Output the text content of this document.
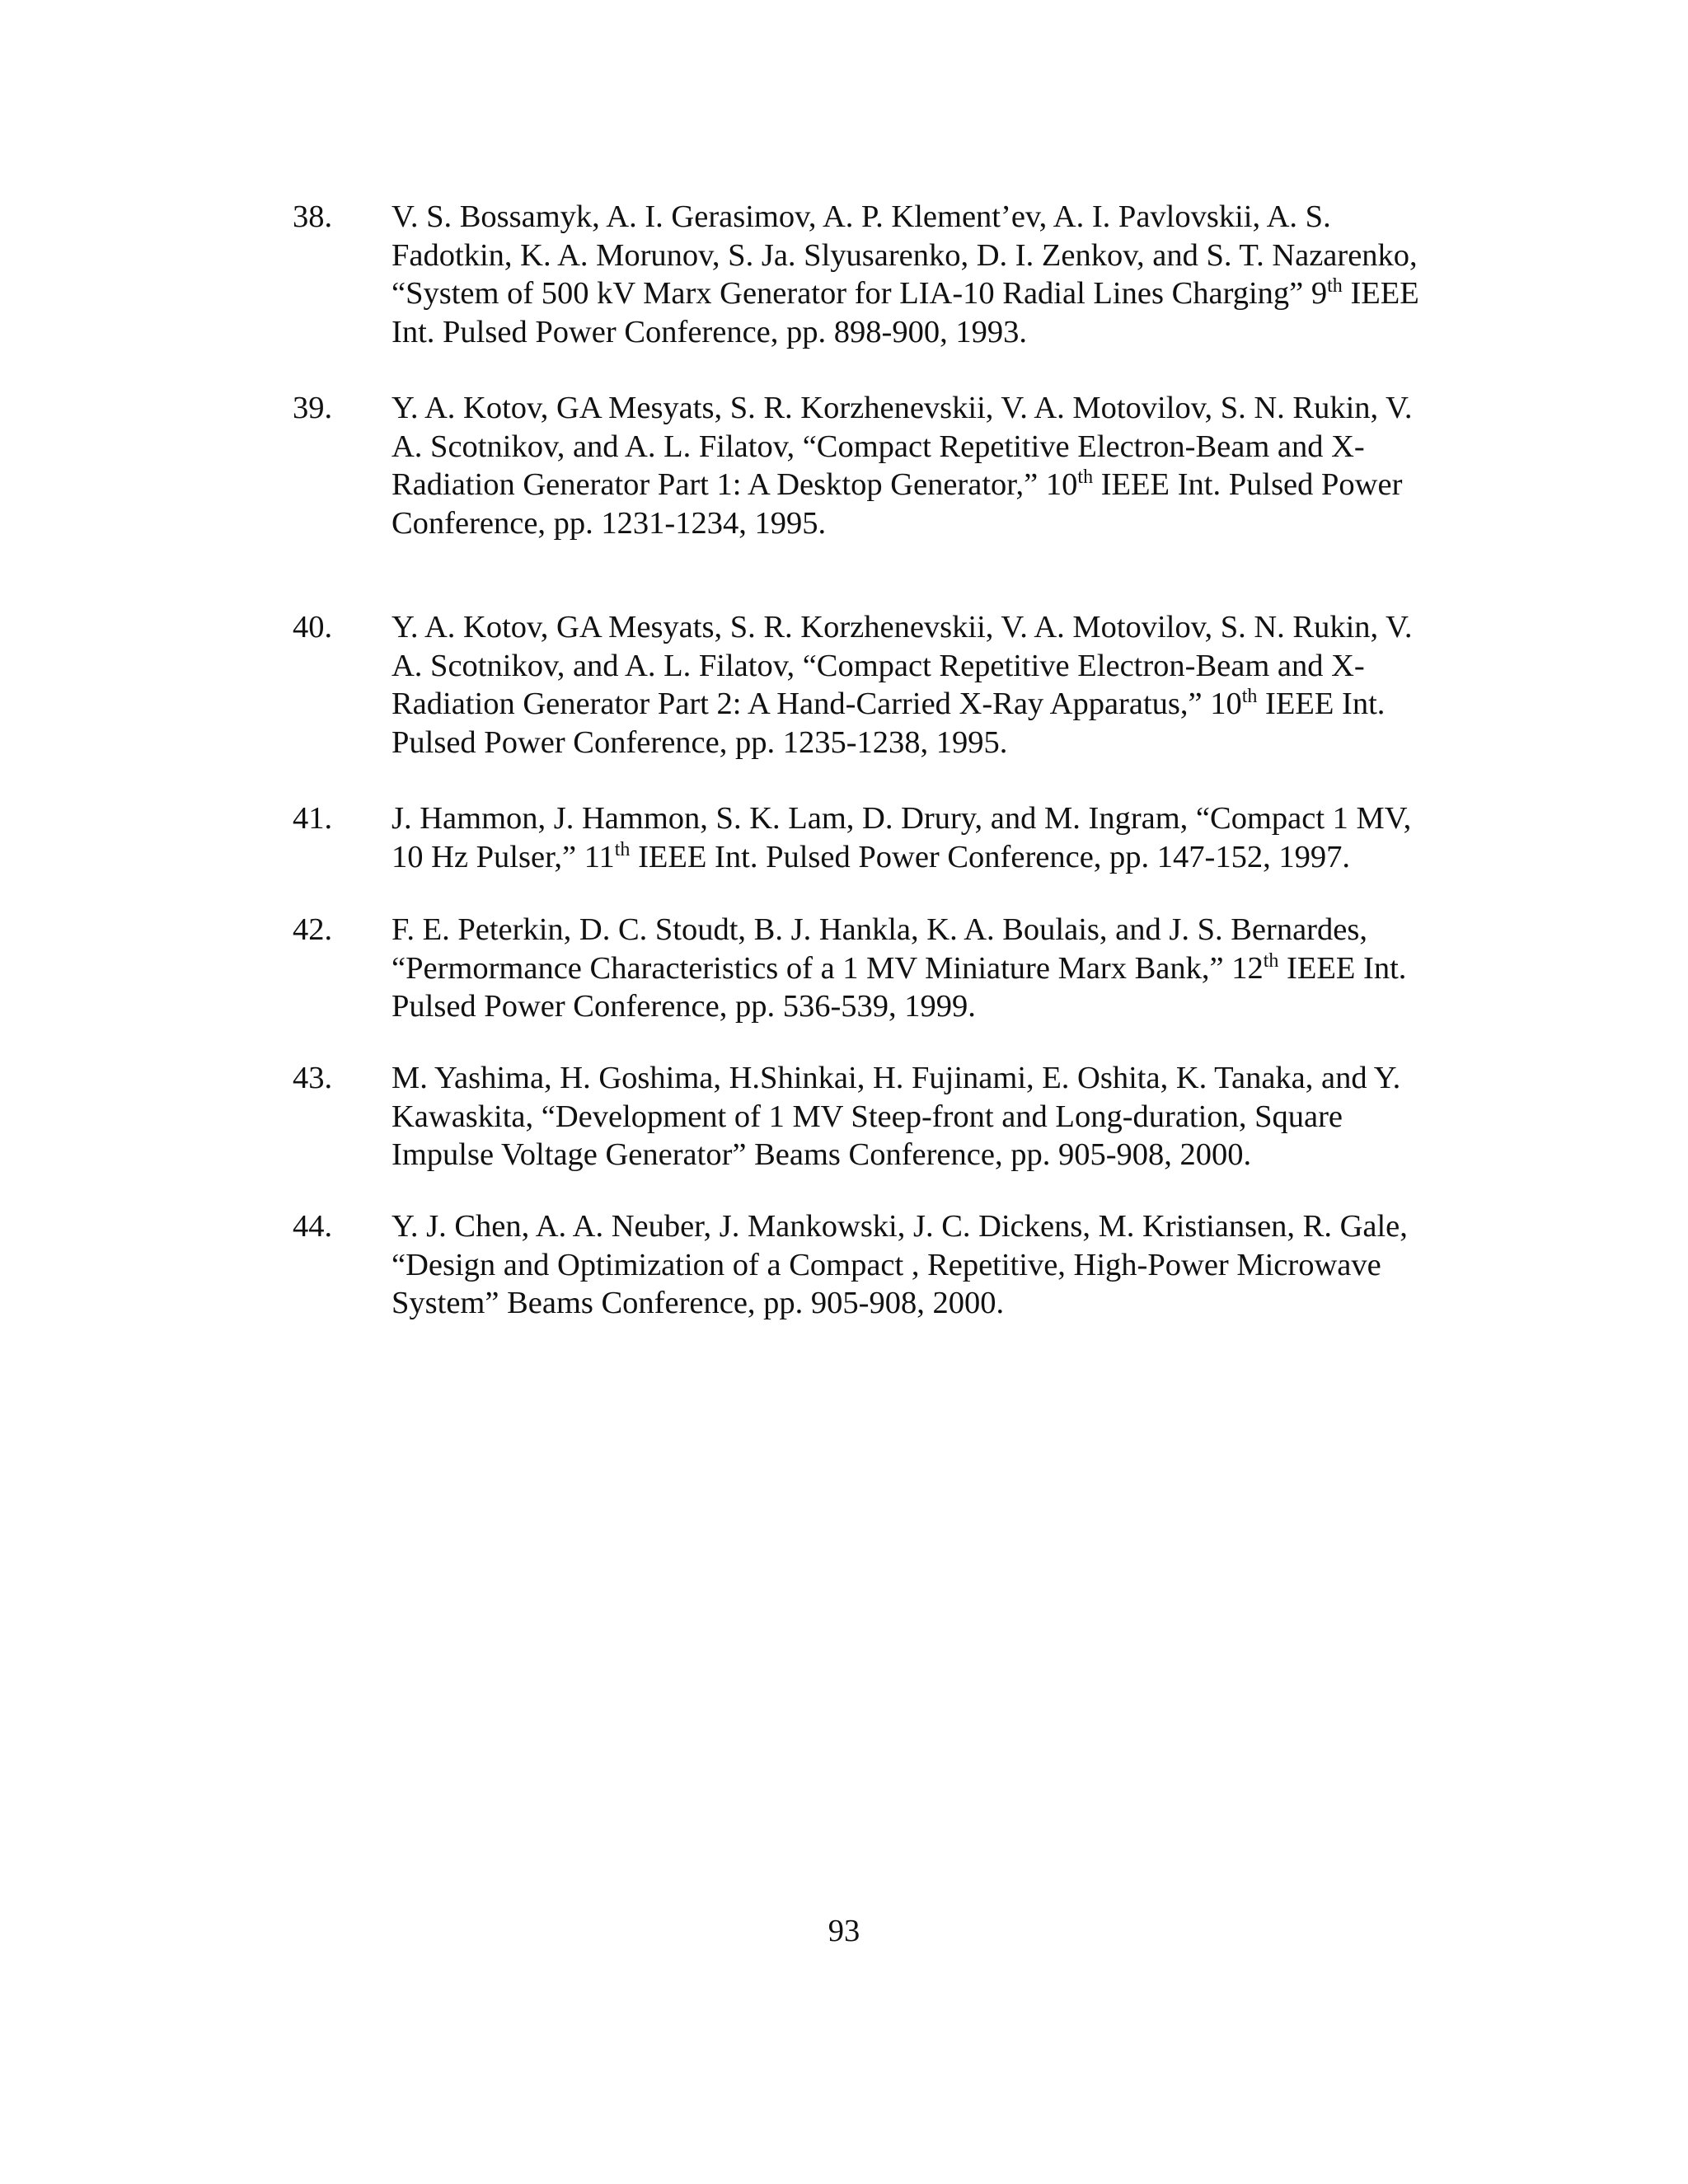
38.	V. S. Bossamyk, A. I. Gerasimov, A. P. Klement’ev, A. I. Pavlovskii, A. S.
Fadotkin, K. A. Morunov, S. Ja. Slyusarenko, D. I. Zenkov, and S. T. Nazarenko,
“System of 500 kV Marx Generator for LIA-10 Radial Lines Charging” 9th IEEE
Int. Pulsed Power Conference, pp. 898-900, 1993.
39.	Y. A. Kotov, GA Mesyats, S. R. Korzhenevskii, V. A. Motovilov, S. N. Rukin, V.
A. Scotnikov, and A. L. Filatov, “Compact Repetitive Electron-Beam and X-
Radiation Generator Part 1: A Desktop Generator,” 10th IEEE Int. Pulsed Power
Conference, pp. 1231-1234, 1995.
40.	Y. A. Kotov, GA Mesyats, S. R. Korzhenevskii, V. A. Motovilov, S. N. Rukin, V.
A. Scotnikov, and A. L. Filatov, “Compact Repetitive Electron-Beam and X-
Radiation Generator Part 2: A Hand-Carried X-Ray Apparatus,” 10th IEEE Int.
Pulsed Power Conference, pp. 1235-1238, 1995.
41.	J. Hammon, J. Hammon, S. K. Lam, D. Drury, and M. Ingram, “Compact 1 MV,
10 Hz Pulser,” 11th IEEE Int. Pulsed Power Conference, pp. 147-152, 1997.
42.	F. E. Peterkin, D. C. Stoudt, B. J. Hankla, K. A. Boulais, and J. S. Bernardes,
“Permormance Characteristics of a 1 MV Miniature Marx Bank,” 12th IEEE Int.
Pulsed Power Conference, pp. 536-539, 1999.
43.	M. Yashima, H. Goshima, H.Shinkai, H. Fujinami, E. Oshita, K. Tanaka, and Y.
Kawaskita, “Development of 1 MV Steep-front and Long-duration, Square
Impulse Voltage Generator” Beams Conference, pp. 905-908, 2000.
44.	Y. J. Chen, A. A. Neuber, J. Mankowski, J. C. Dickens, M. Kristiansen, R. Gale,
“Design and Optimization of a Compact , Repetitive, High-Power Microwave
System” Beams Conference, pp. 905-908, 2000.
93
